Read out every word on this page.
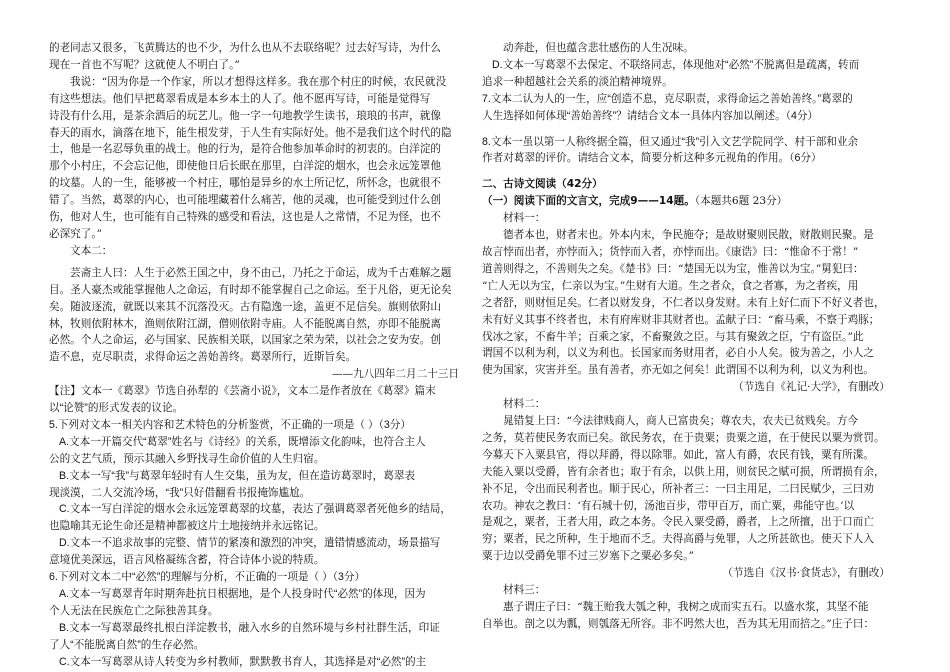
的老同志又很多，飞黄腾达的也不少，为什么也从不去联络呢？过去好写诗，为什么
现在一首也不写呢？这就使人不明白了。”
我说：“因为你是一个作家，所以才想得这样多。我在那个村庄的时候，农民就没
有这些想法。他们早把葛翠看成是本乡本土的人了。他不愿再写诗，可能是觉得写
诗没有什么用，是茶余酒后的玩艺儿。他一字一句地教学生读书，琅琅的书声，就像
春天的雨水，滴落在地下，能生根发芽，于人生有实际好处。他不是我们这个时代的隐
士，他是一名忍辱负重的战士。他的行为，是符合他参加革命时的初衷的。白洋淀的
那个小村庄，不会忘记他，即使他日后长眠在那里，白洋淀的烟水，也会永远笼罩他
的坟墓。人的一生，能够被一个村庄，哪怕是异乡的水土所记忆，所怀念，也就很不
错了。当然，葛翠的内心，也可能埋藏着什么痛苦，他的灵魂，也可能受到过什么创
伤，他对人生，也可能有自己特殊的感受和看法，这也是人之常情，不足为怪，也不
必深究了。”
文本二：
芸斋主人曰：人生于必然王国之中，身不由己，乃托之于命运，成为千古难解之题
目。圣人豪杰或能掌握他人之命运，有时却不能掌握自己之命运。至于凡俗，更无论矣
矣。随波逐流，就既以来其不沉落没灭。古有隐逸一途，盖更不足信矣。旗则依附山
林，牧则依附林木，渔则依附江湖，僧则依附寺庙。人不能脱离自然，亦即不能脱离
必然。个人之命运，必与国家、民族相关联，以国家之荣为荣，以社会之安为安。创
造不息，克尽职责，求得命运之善始善终。葛翠所行，近斯旨矣。
——九八四年二月二十三日
【注】文本一《葛翠》节选自孙犁的《芸斋小说》，文本二是作者放在《葛翠》篇末
以“论赞”的形式发表的议论。
5.下列对文本一相关内容和艺术特色的分析鉴赏，不正确的一项是（ ）（3分）
A.文本一开篇交代“葛翠”姓名与《诗经》的关系，既增添文化韵味，也符合主人
公的文艺气质，预示其融入乡野找寻生命价值的人生归宿。
B.文本一写“我”与葛翠年轻时有人生交集，虽为友，但在造访葛翠时，葛翠表
现淡漠，二人交流冷场，“我”只好借翻看书报掩饰尴尬。
C.文本一写白洋淀的烟水会永远笼罩葛翠的坟墓，表达了强调葛翠者死他乡的结局，
也隐喻其无论生命还是精神都被这片土地接纳并永远铭记。
D.文本一不追求故事的完整、情节的紧凑和激烈的冲突，遣错情感流动，场景描写
意境优美深远，语言风格凝练含蓄，符合诗体小说的特质。
6.下列对文本二中“必然”的理解与分析，不正确的一项是（ ）（3分）
A.文本一写葛翠青年时期奔赴抗日根据地，是个人投身时代“必然”的体现，因为
个人无法在民族危亡之际独善其身。
B.文本一写葛翠最终扎根白洋淀教书，融入水乡的自然环境与乡村社群生活，印证
了人“不能脱离自然”的生存必然。
C.文本一写葛翠从诗人转变为乡村教师，默默教书育人，其选择是对“必然”的主
动奔赴，但也蕴含悲壮感伤的人生况味。
D.文本一写葛翠不去保定、不联络同志，体现他对“必然”不脱离但是疏离，转而
追求一种超越社会关系的淡泊精神境界。
7.文本二认为人的一生，应“创造不息，克尽职责，求得命运之善始善终。”葛翠的
人生选择如何体现“善始善终”？请结合文本一具体内容加以阐述。（4分）
8.文本一虽以第一人称终据全篇，但又通过“我”引入文艺学院同学、村干部和业余
作者对葛翠的评价。请结合文本，简要分析这种多元视角的作用。（6分）
二、古诗文阅读（42分）
（一）阅读下面的文言文，完成9——14题。（本题共6题 23分）
材料一：
德者本也，财者末也。外本内末，争民施夺；是故财聚则民散，财散则民聚。是
故言悖而出者，亦悖而入；货悖而入者，亦悖而出。《康诰》曰：“惟命不于常！”
道善则得之，不善则失之矣。《楚书》曰：“楚国无以为宝，惟善以为宝。”舅犯曰：
“亡人无以为宝，仁亲以为宝。”生财有大道。生之者众，食之者寡，为之者疾，用
之者舒，则财恒足矣。仁者以财发身，不仁者以身发财。未有上好仁而下不好义者也，
未有好义其事不终者也，未有府库财非其财者也。孟献子曰：“畜马乘，不察于鸡豚；
伐冰之家，不畜牛羊；百乘之家，不畜聚敛之臣。与其有聚敛之臣，宁有盗臣。”此
谓国不以利为利，以义为利也。长国家而务财用者，必自小人矣。彼为善之，小人之
使为国家，灾害并至。虽有善者，亦无如之何矣！此谓国不以利为利，以义为利也。
（节选自《礼记·大学》，有删改）
材料二：
晁错复上曰：“今法律贱商人，商人已富贵矣；尊农夫，农夫已贫贱矣。方今
之务，莫若使民务农而已矣。欲民务农，在于贵粟；贵粟之道，在于使民以粟为赏罚。
今募天下入粟县官，得以拜爵，得以除罪。如此，富人有爵，农民有钱，粟有所渫。
夫能入粟以受爵，皆有余者也；取于有余，以供上用，则贫民之赋可损，所谓损有余，
补不足，令出而民利者也。顺于民心，所补者三：一曰主用足，二曰民赋少，三曰劝
农功。神农之教曰：‘有石城十仞，汤池百步，带甲百万，而亡粟，弗能守也。’以
是观之，粟者，王者大用，政之本务。令民入粟受爵，爵者，上之所擅，出于口而亡
穷；粟者，民之所种，生于地而不乏。夫得高爵与免罪，人之所甚欲也。使天下人入
粟于边以受爵免罪不过三岁塞下之粟必多矣。”
（节选自《汉书·食货志》，有删改）
材料三：
惠子谓庄子曰：“魏王贻我大瓠之种，我树之成而实五石。以盛水浆，其坚不能
自举也。剖之以为瓢，则瓠落无所容。非不呺然大也，吾为其无用而掊之。”庄子曰：
